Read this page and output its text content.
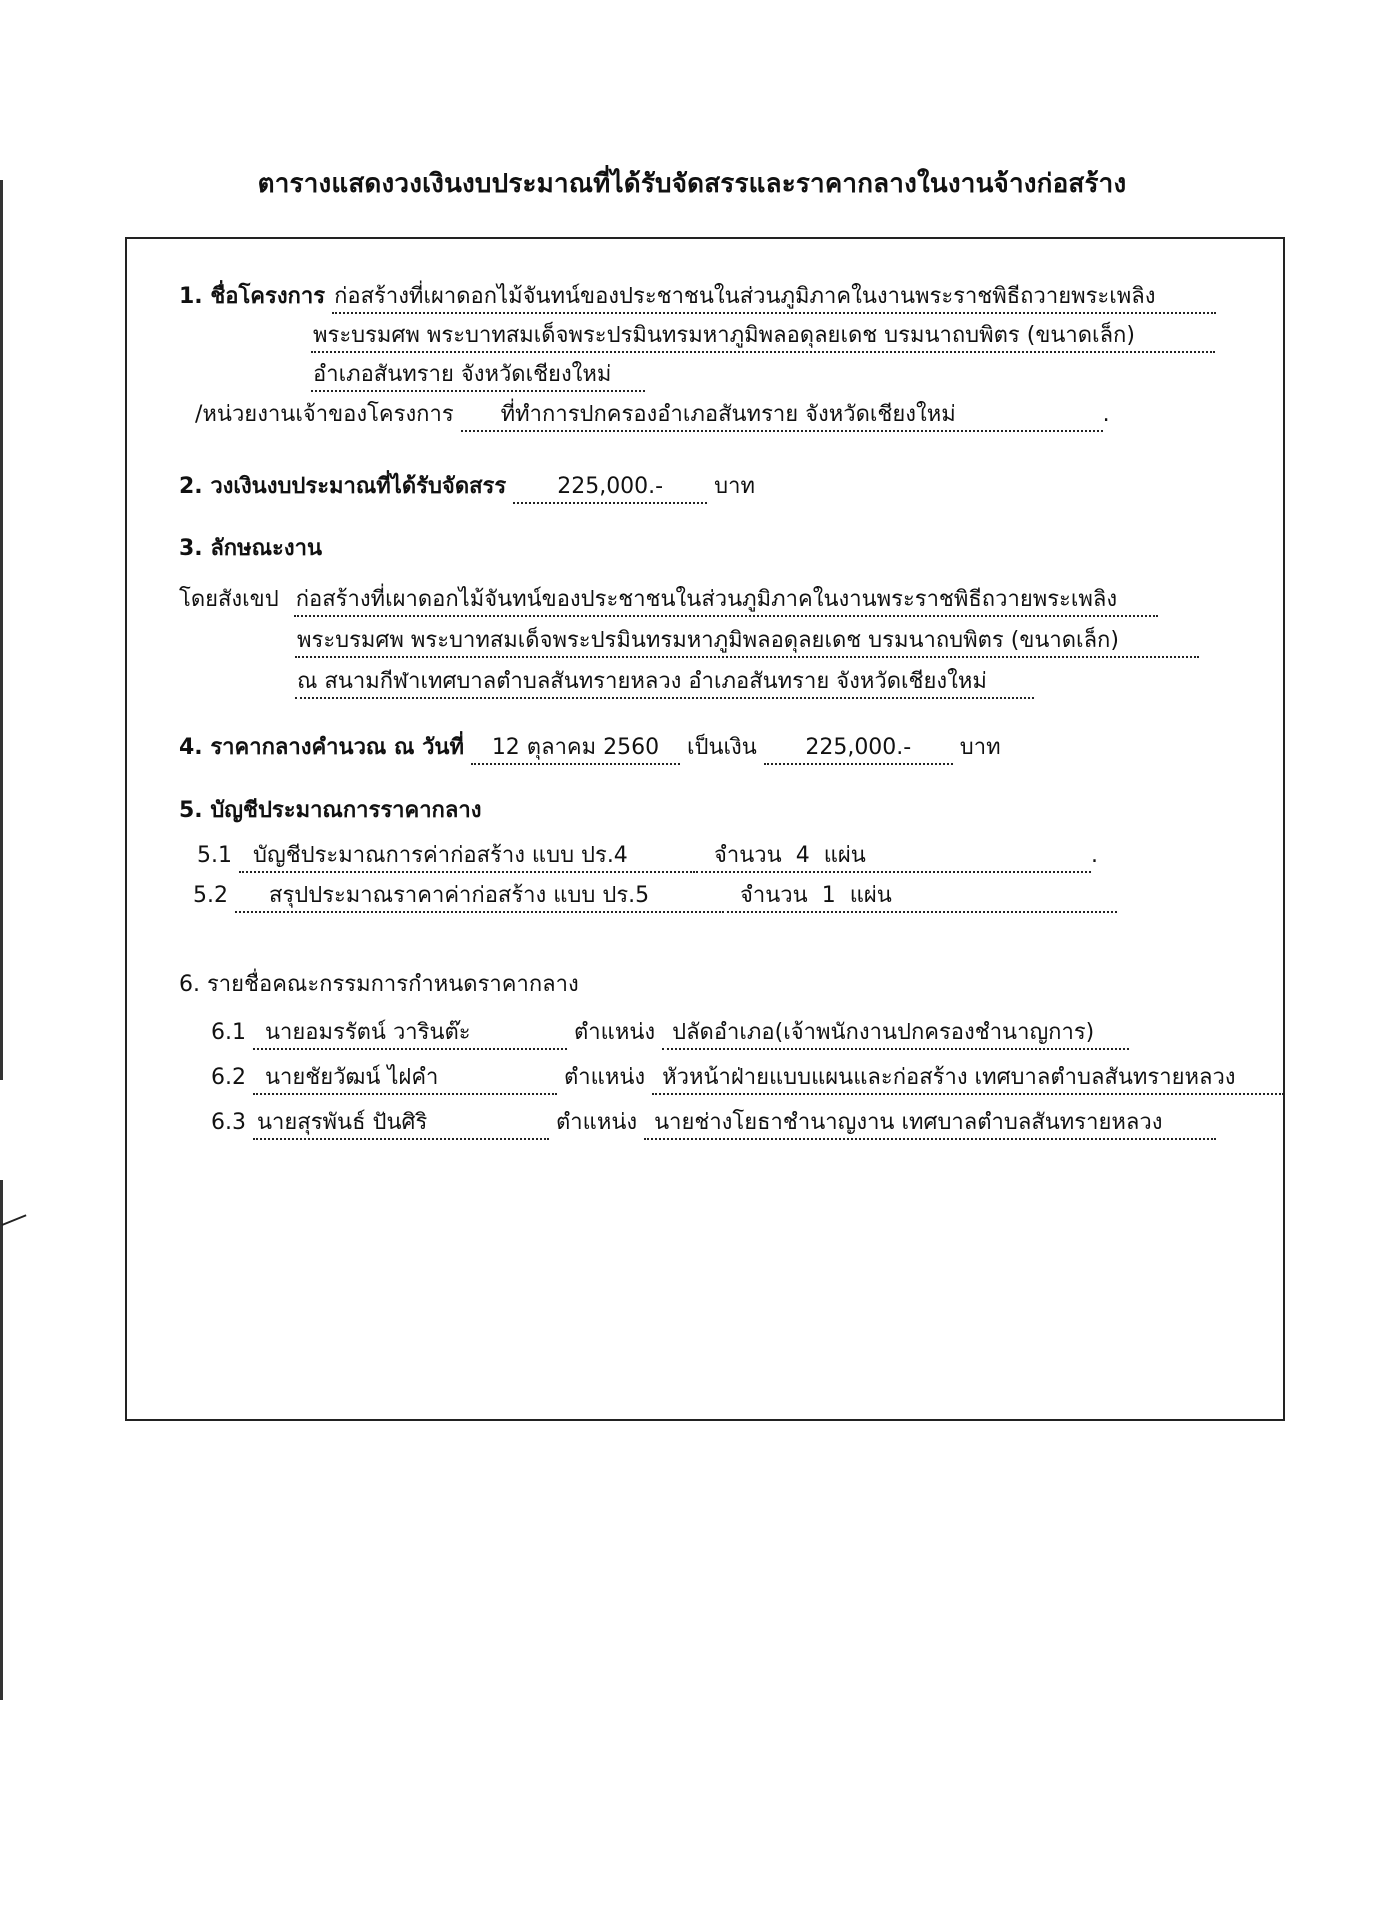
ตารางแสดงวงเงินงบประมาณที่ได้รับจัดสรรและราคากลางในงานจ้างก่อสร้าง
1. ชื่อโครงการ ก่อสร้างที่เผาดอกไม้จันทน์ของประชาชนในส่วนภูมิภาคในงานพระราชพิธีถวายพระเพลิง
พระบรมศพ พระบาทสมเด็จพระปรมินทรมหาภูมิพลอดุลยเดช บรมนาถบพิตร (ขนาดเล็ก)
อำเภอสันทราย จังหวัดเชียงใหม่
/หน่วยงานเจ้าของโครงการ ที่ทำการปกครองอำเภอสันทราย จังหวัดเชียงใหม่	.
2. วงเงินงบประมาณที่ได้รับจัดสรร 225,000.- บาท
3. ลักษณะงาน
โดยสังเขป ก่อสร้างที่เผาดอกไม้จันทน์ของประชาชนในส่วนภูมิภาคในงานพระราชพิธีถวายพระเพลิง
พระบรมศพ พระบาทสมเด็จพระปรมินทรมหาภูมิพลอดุลยเดช บรมนาถบพิตร (ขนาดเล็ก)
ณ สนามกีฬาเทศบาลตำบลสันทรายหลวง อำเภอสันทราย จังหวัดเชียงใหม่
4. ราคากลางคำนวณ ณ วันที่ 12 ตุลาคม 2560 เป็นเงิน 225,000.- บาท
5. บัญชีประมาณการราคากลาง
5.1 บัญชีประมาณการค่าก่อสร้าง แบบ ปร.4	จำนวน 4 แผ่น	.
5.2 สรุปประมาณราคาค่าก่อสร้าง แบบ ปร.5	จำนวน 1 แผ่น
6. รายชื่อคณะกรรมการกำหนดราคากลาง
6.1 นายอมรรัตน์ วารินต๊ะ	ตำแหน่ง ปลัดอำเภอ(เจ้าพนักงานปกครองชำนาญการ)
6.2 นายชัยวัฒน์ ไฝคำ	ตำแหน่ง หัวหน้าฝ่ายแบบแผนและก่อสร้าง เทศบาลตำบลสันทรายหลวง
6.3 นายสุรพันธ์ ปันศิริ	ตำแหน่ง นายช่างโยธาชำนาญงาน เทศบาลตำบลสันทรายหลวง
